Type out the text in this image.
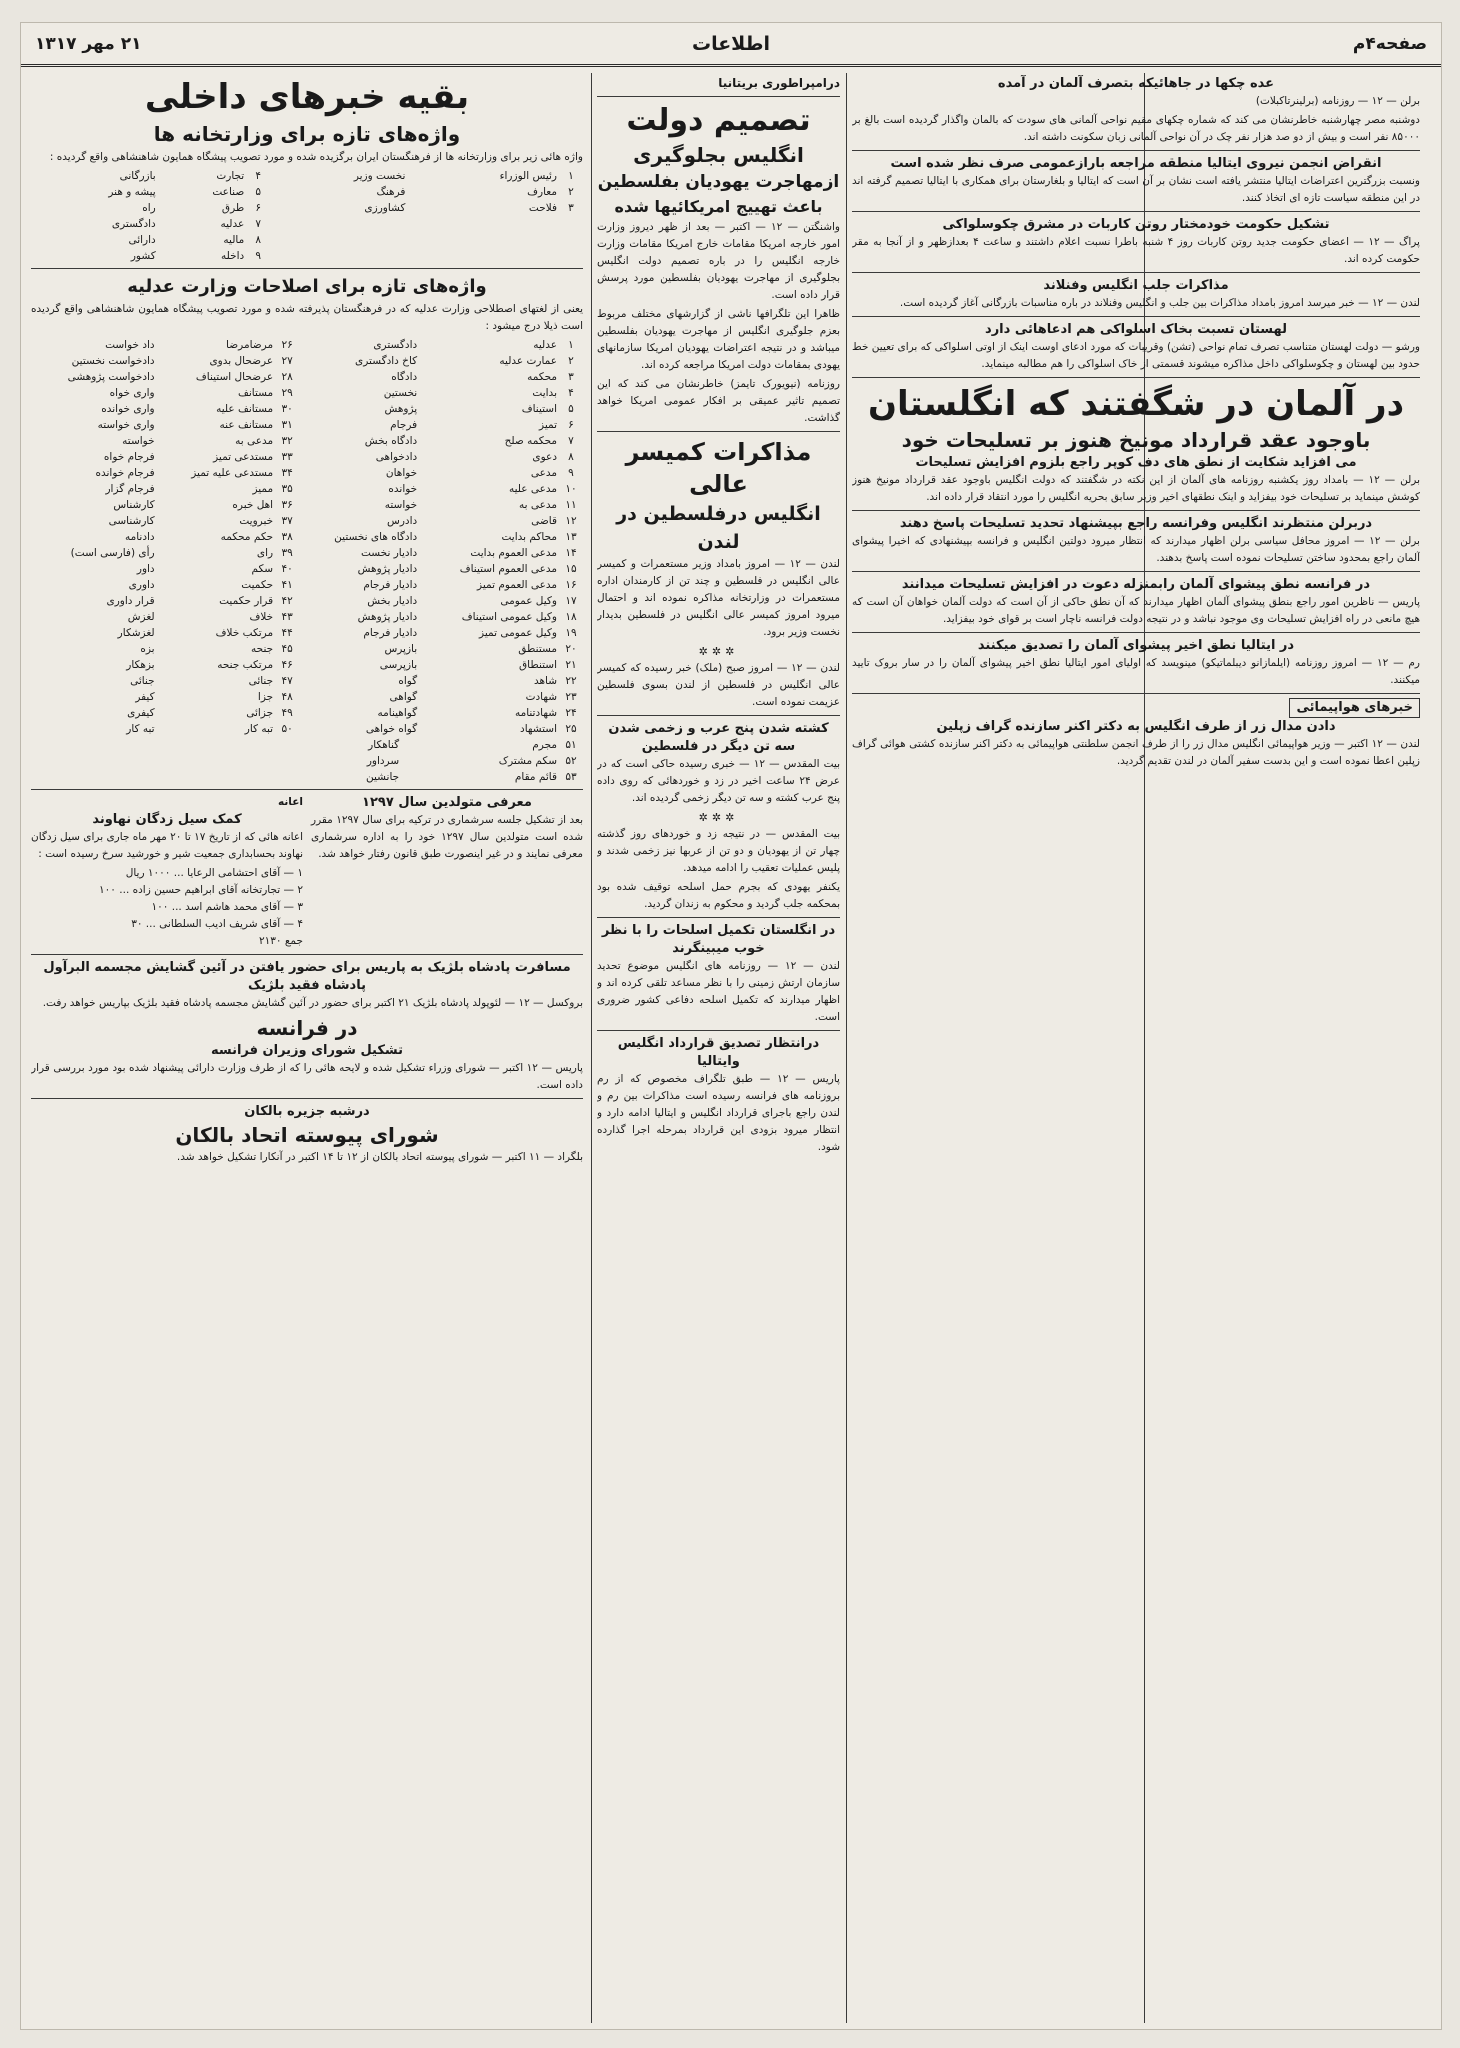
صفحه۴م
اطلاعات
۲۱ مهر ۱۳۱۷
عده چکها در جاهائیکه بتصرف آلمان در آمده

برلن — ۱۲ — روزنامه (برلینرتاکبلات)

دوشنبه مصر چهارشنبه خاطرنشان می کند که شماره چکهای مقیم نواحی آلمانی های سودت که بالمان واگذار گردیده است بالغ بر ۸۵۰۰۰ نفر است و بیش از دو صد هزار نفر چک در آن نواحی آلمانی زبان سکونت داشته اند.

انقراض انجمن نیروی ایتالیا منطقه مراجعه بارازعمومی صرف نظر شده است

ونسبت بزرگترین اعتراضات ایتالیا منتشر یافته است نشان بر آن است که ایتالیا و بلغارستان برای همکاری با ایتالیا تصمیم گرفته اند در این منطقه سیاست تازه ای اتخاذ کنند.

تشکیل حکومت خودمختار روتن کاربات در مشرق چکوسلواکی

پراگ — ۱۲ — اعضای حکومت جدید روتن کاربات روز ۴ شنبه باطرا نسبت اعلام داشتند و ساعت ۴ بعدازظهر و از آنجا به مقر حکومت کرده اند.

مذاکرات جلب انگلیس وفنلاند

لندن — ۱۲ — خبر میرسد امروز بامداد مذاکرات بین جلب و انگلیس وفنلاند در باره مناسبات بازرگانی آغاز گردیده است.

لهستان تسبت بخاک اسلواکی هم ادعاهائی دارد

ورشو — دولت لهستان متناسب تصرف تمام نواحی (تشن) وقریبات که مورد ادعای اوست اینک از اوتی اسلواکی که برای تعیین خط حدود بین لهستان و چکوسلواکی داخل مذاکره میشوند قسمتی از خاک اسلواکی را هم مطالبه مینماید.

در آلمان در شگفتند که انگلستان
باوجود عقد قرارداد مونیخ هنوز بر تسلیحات خود
می افزاید شکایت از نطق های دف کوپر راجع بلزوم افزایش تسلیحات

برلن — ۱۲ — بامداد روز یکشنبه روزنامه های آلمان از این نکته در شگفتند که دولت انگلیس باوجود عقد قرارداد مونیخ هنوز کوشش مینماید بر تسلیحات خود بیفزاید و اینک نطقهای اخیر وزیر سابق بحریه انگلیس را مورد انتقاد قرار داده اند.

دربرلن منتظرند انگلیس وفرانسه راجع بپیشنهاد تحدید تسلیحات پاسخ دهند

برلن — ۱۲ — امروز محافل سیاسی برلن اظهار میدارند که انتظار میرود دولتین انگلیس و فرانسه بپیشنهادی که اخیرا پیشوای آلمان راجع بمحدود ساختن تسلیحات نموده است پاسخ بدهند.

در فرانسه نطق پیشوای آلمان رابمنزله دعوت در افزایش تسلیحات میدانند

پاریس — ناظرین امور راجع بنطق پیشوای آلمان اظهار میدارند که آن نطق حاکی از آن است که دولت آلمان خواهان آن است که هیچ مانعی در راه افزایش تسلیحات وی موجود نباشد و در نتیجه دولت فرانسه ناچار است بر قوای خود بیفزاید.

در ایتالیا نطق اخیر پیشوای آلمان را تصدیق میکنند

رم — ۱۲ — امروز روزنامه (ایلمازانو دیبلماتیکو) مینویسد که اولیای امور ایتالیا نطق اخیر پیشوای آلمان را در سار بروک تایید میکنند.

خبرهای هواپیمائی
دادن مدال زر از طرف انگلیس به دکتر اکنر سازنده گراف زپلین

لندن — ۱۲ اکتبر — وزیر هواپیمائی انگلیس مدال زر را از طرف انجمن سلطنتی هواپیمائی به دکتر اکنر سازنده کشتی هوائی گراف زپلین اعطا نموده است و این بدست سفیر آلمان در لندن تقدیم گردید.

درامپراطوری بریتانیا
تصمیم دولت
انگلیس بجلوگیری
ازمهاجرت یهودیان بفلسطین
باعث تهییج امریکائیها شده

واشنگتن — ۱۲ — اکتبر — بعد از ظهر دیروز وزارت امور خارجه امریکا مقامات خارج امریکا مقامات وزارت خارجه انگلیس را در باره تصمیم دولت انگلیس بجلوگیری از مهاجرت یهودیان بفلسطین مورد پرسش قرار داده است.

ظاهرا این تلگرافها ناشی از گزارشهای مختلف مربوط بعزم جلوگیری انگلیس از مهاجرت یهودیان بفلسطین میباشد و در نتیجه اعتراضات یهودیان امریکا سازمانهای یهودی بمقامات دولت امریکا مراجعه کرده اند.

روزنامه (نیویورک تایمز) خاطرنشان می کند که این تصمیم تاثیر عمیقی بر افکار عمومی امریکا خواهد گذاشت.

مذاکرات کمیسر عالی
انگلیس درفلسطین در لندن

لندن — ۱۲ — امروز بامداد وزیر مستعمرات و کمیسر عالی انگلیس در فلسطین و چند تن از کارمندان اداره مستعمرات در وزارتخانه مذاکره نموده اند و احتمال میرود امروز کمیسر عالی انگلیس در فلسطین بدیدار نخست وزیر برود.

✲✲✲

لندن — ۱۲ — امروز صبح (ملک) خبر رسیده که کمیسر عالی انگلیس در فلسطین از لندن بسوی فلسطین عزیمت نموده است.

کشته شدن پنج عرب و زخمی شدن سه تن دیگر در فلسطین

بیت المقدس — ۱۲ — خبری رسیده حاکی است که در عرض ۲۴ ساعت اخیر در زد و خوردهائی که روی داده پنج عرب کشته و سه تن دیگر زخمی گردیده اند.

✲✲✲

بیت المقدس — در نتیجه زد و خوردهای روز گذشته چهار تن از یهودیان و دو تن از عربها نیز زخمی شدند و پلیس عملیات تعقیب را ادامه میدهد.

یکنفر یهودی که بجرم حمل اسلحه توقیف شده بود بمحکمه جلب گردید و محکوم به زندان گردید.

در انگلستان تکمیل اسلحات را با نظر خوب میبینگرند

لندن — ۱۲ — روزنامه های انگلیس موضوع تحدید سازمان ارتش زمینی را با نظر مساعد تلقی کرده اند و اظهار میدارند که تکمیل اسلحه دفاعی کشور ضروری است.

درانتظار تصدیق قرارداد انگلیس وایتالیا

پاریس — ۱۲ — طبق تلگراف مخصوص که از رم بروزنامه های فرانسه رسیده است مذاکرات بین رم و لندن راجع باجرای قرارداد انگلیس و ایتالیا ادامه دارد و انتظار میرود بزودی این قرارداد بمرحله اجرا گذارده شود.

بقیه خبرهای داخلی
واژه‌های تازه برای وزارتخانه ها

واژه هائی زیر برای وزارتخانه ها از فرهنگستان ایران برگزیده شده و مورد تصویب پیشگاه همایون شاهنشاهی واقع گردیده :

۱	رئیس الوزراء	نخست وزیر	۴	تجارت	بازرگانی
۲	معارف	فرهنگ	۵	صناعت	پیشه و هنر
۳	فلاحت	کشاورزی	۶	طرق	راه
			۷	عدلیه	دادگستری
			۸	مالیه	دارائی
			۹	داخله	کشور
واژه‌های تازه برای اصلاحات وزارت عدلیه

یعنی از لغتهای اصطلاحی وزارت عدلیه که در فرهنگستان پذیرفته شده و مورد تصویب پیشگاه همایون شاهنشاهی واقع گردیده است ذیلا درج میشود :

۱	عدلیه	دادگستری	۲۶	مرضامرضا	داد خواست
۲	عمارت عدلیه	کاخ دادگستری	۲۷	عرضحال بدوی	دادخواست نخستین
۳	محکمه	دادگاه	۲۸	عرضحال استیناف	دادخواست پژوهشی
۴	بدایت	نخستین	۲۹	مستانف	واری خواه
۵	استیناف	پژوهش	۳۰	مستانف علیه	واری خوانده
۶	تمیز	فرجام	۳۱	مستانف عنه	واری خواسته
۷	محکمه صلح	دادگاه بخش	۳۲	مدعی به	خواسته
۸	دعوی	دادخواهی	۳۳	مستدعی تمیز	فرجام خواه
۹	مدعی	خواهان	۳۴	مستدعی علیه تمیز	فرجام خوانده
۱۰	مدعی علیه	خوانده	۳۵	ممیز	فرجام گزار
۱۱	مدعی به	خواسته	۳۶	اهل خبره	کارشناس
۱۲	قاضی	دادرس	۳۷	خبرویت	کارشناسی
۱۳	محاکم بدایت	دادگاه های نخستین	۳۸	حکم محکمه	دادنامه
۱۴	مدعی العموم بدایت	دادیار نخست	۳۹	رای	رأی (فارسی است)
۱۵	مدعی العموم استیناف	دادیار پژوهش	۴۰	سکم	داور
۱۶	مدعی العموم تمیز	دادیار فرجام	۴۱	حکمیت	داوری
۱۷	وکیل عمومی	دادیار بخش	۴۲	قرار حکمیت	قرار داوری
۱۸	وکیل عمومی استیناف	دادیار پژوهش	۴۳	خلاف	لغزش
۱۹	وکیل عمومی تمیز	دادیار فرجام	۴۴	مرتکب خلاف	لغزشکار
۲۰	مستنطق	بازپرس	۴۵	جنحه	بزه
۲۱	استنطاق	بازپرسی	۴۶	مرتکب جنحه	بزهکار
۲۲	شاهد	گواه	۴۷	جنائی	جنائی
۲۳	شهادت	گواهی	۴۸	جزا	کیفر
۲۴	شهادتنامه	گواهینامه	۴۹	جزائی	کیفری
۲۵	استشهاد	گواه خواهی	۵۰	تبه کار	تبه کار
۵۱	مجرم	گناهکار
۵۲	سکم مشترک	سرداور
۵۳	قائم مقام	جانشین
معرفی متولدین سال ۱۲۹۷

بعد از تشکیل جلسه سرشماری در ترکیه برای سال ۱۲۹۷ مقرر شده است متولدین سال ۱۲۹۷ خود را به اداره سرشماری معرفی نمایند و در غیر اینصورت طبق قانون رفتار خواهد شد.

اعانه
کمک سیل زدگان نهاوند

اعانه هائی که از تاریخ ۱۷ تا ۲۰ مهر ماه جاری برای سیل زدگان نهاوند بحسابداری جمعیت شیر و خورشید سرخ رسیده است :

۱ — آقای احتشامی الرعایا ... ۱۰۰۰ ریال
۲ — تجارتخانه آقای ابراهیم حسین زاده ... ۱۰۰
۳ — آقای محمد هاشم اسد ... ۱۰۰
۴ — آقای شریف ادیب السلطانی ... ۳۰
جمع ۲۱۳۰
مسافرت پادشاه بلژیک به پاریس برای حضور یافتن در آئین گشایش مجسمه البرآول پادشاه فقید بلژیک

بروکسل — ۱۲ — لئوپولد پادشاه بلژیک ۲۱ اکتبر برای حضور در آئین گشایش مجسمه پادشاه فقید بلژیک بپاریس خواهد رفت.

در فرانسه
تشکیل شورای وزیران فرانسه

پاریس — ۱۲ اکتبر — شورای وزراء تشکیل شده و لایحه هائی را که از طرف وزارت دارائی پیشنهاد شده بود مورد بررسی قرار داده است.

درشبه جزیره بالکان
شورای پیوسته اتحاد بالکان

بلگراد — ۱۱ اکتبر — شورای پیوسته اتحاد بالکان از ۱۲ تا ۱۴ اکتبر در آنکارا تشکیل خواهد شد.
